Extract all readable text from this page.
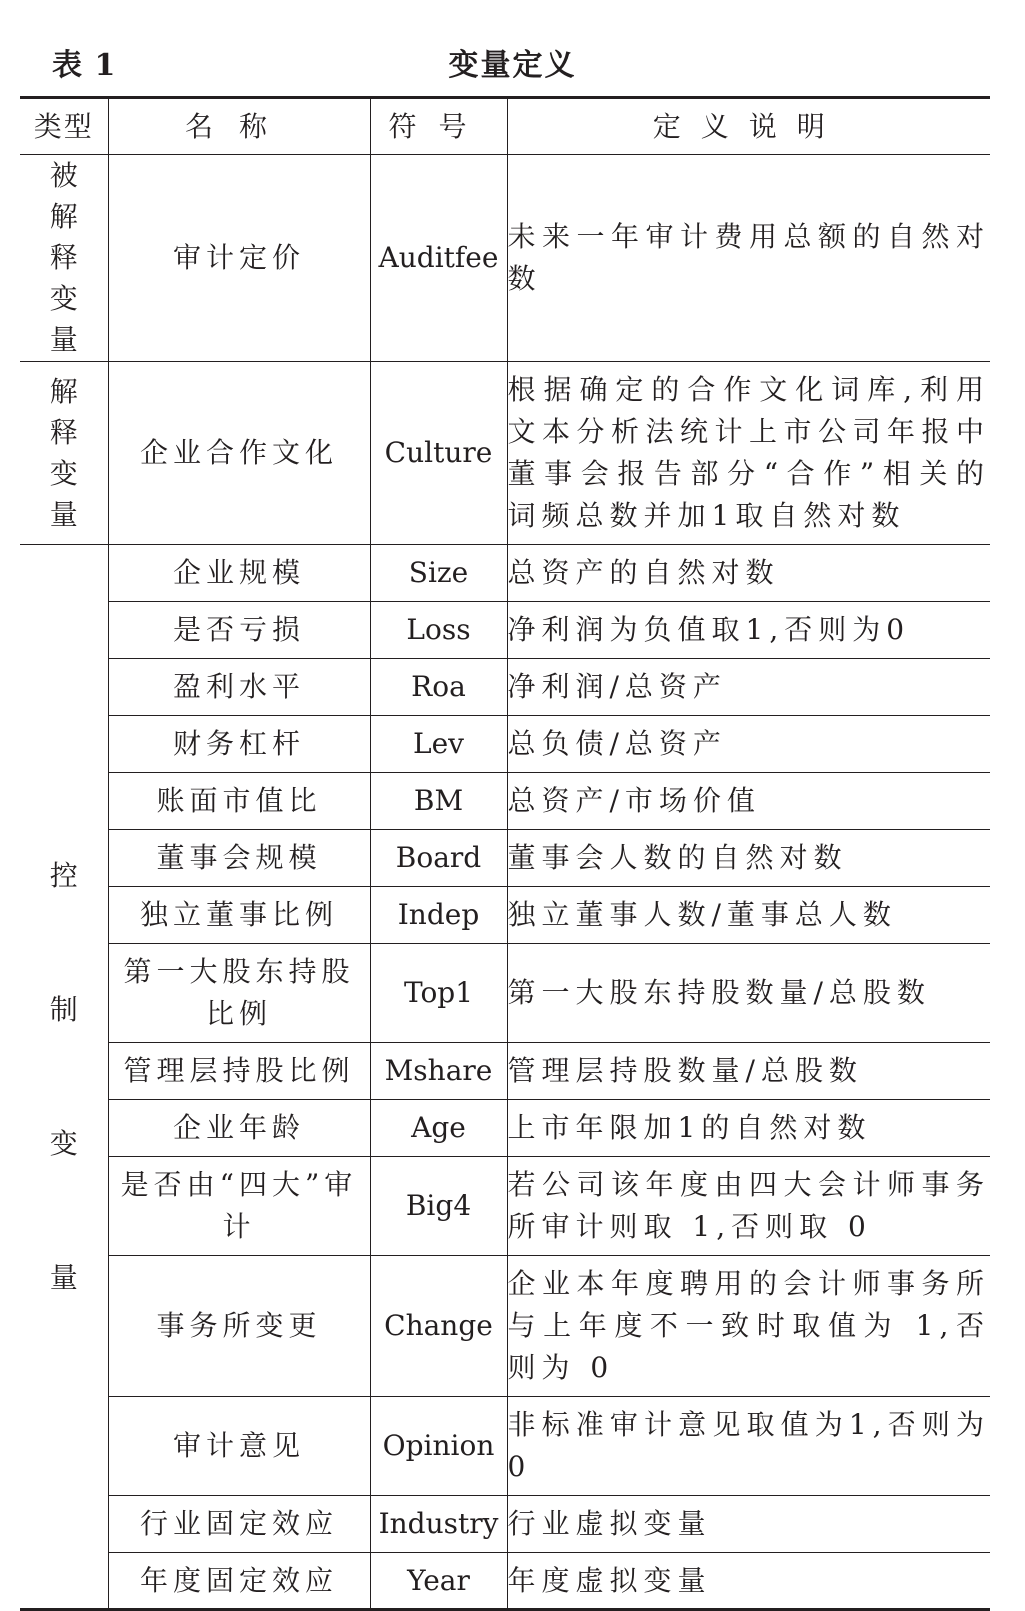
表 1	变量定义
类型	名称	符号	定义说明
被解释变量	审计定价	Auditfee	未来一年审计费用总额的自然对数
解释变量	企业合作文化	Culture	根据确定的合作文化词库,利用文本分析法统计上市公司年报中董事会报告部分“合作”相关的词频总数并加1取自然对数
控制变量	企业规模	Size	总资产的自然对数
	是否亏损	Loss	净利润为负值取1,否则为0
	盈利水平	Roa	净利润/总资产
	财务杠杆	Lev	总负债/总资产
	账面市值比	BM	总资产/市场价值
	董事会规模	Board	董事会人数的自然对数
	独立董事比例	Indep	独立董事人数/董事总人数
	第一大股东持股比例	Top1	第一大股东持股数量/总股数
	管理层持股比例	Mshare	管理层持股数量/总股数
	企业年龄	Age	上市年限加1的自然对数
	是否由“四大”审计	Big4	若公司该年度由四大会计师事务所审计则取 1,否则取 0
	事务所变更	Change	企业本年度聘用的会计师事务所与上年度不一致时取值为 1,否则为 0
	审计意见	Opinion	非标准审计意见取值为1,否则为0
	行业固定效应	Industry	行业虚拟变量
	年度固定效应	Year	年度虚拟变量
